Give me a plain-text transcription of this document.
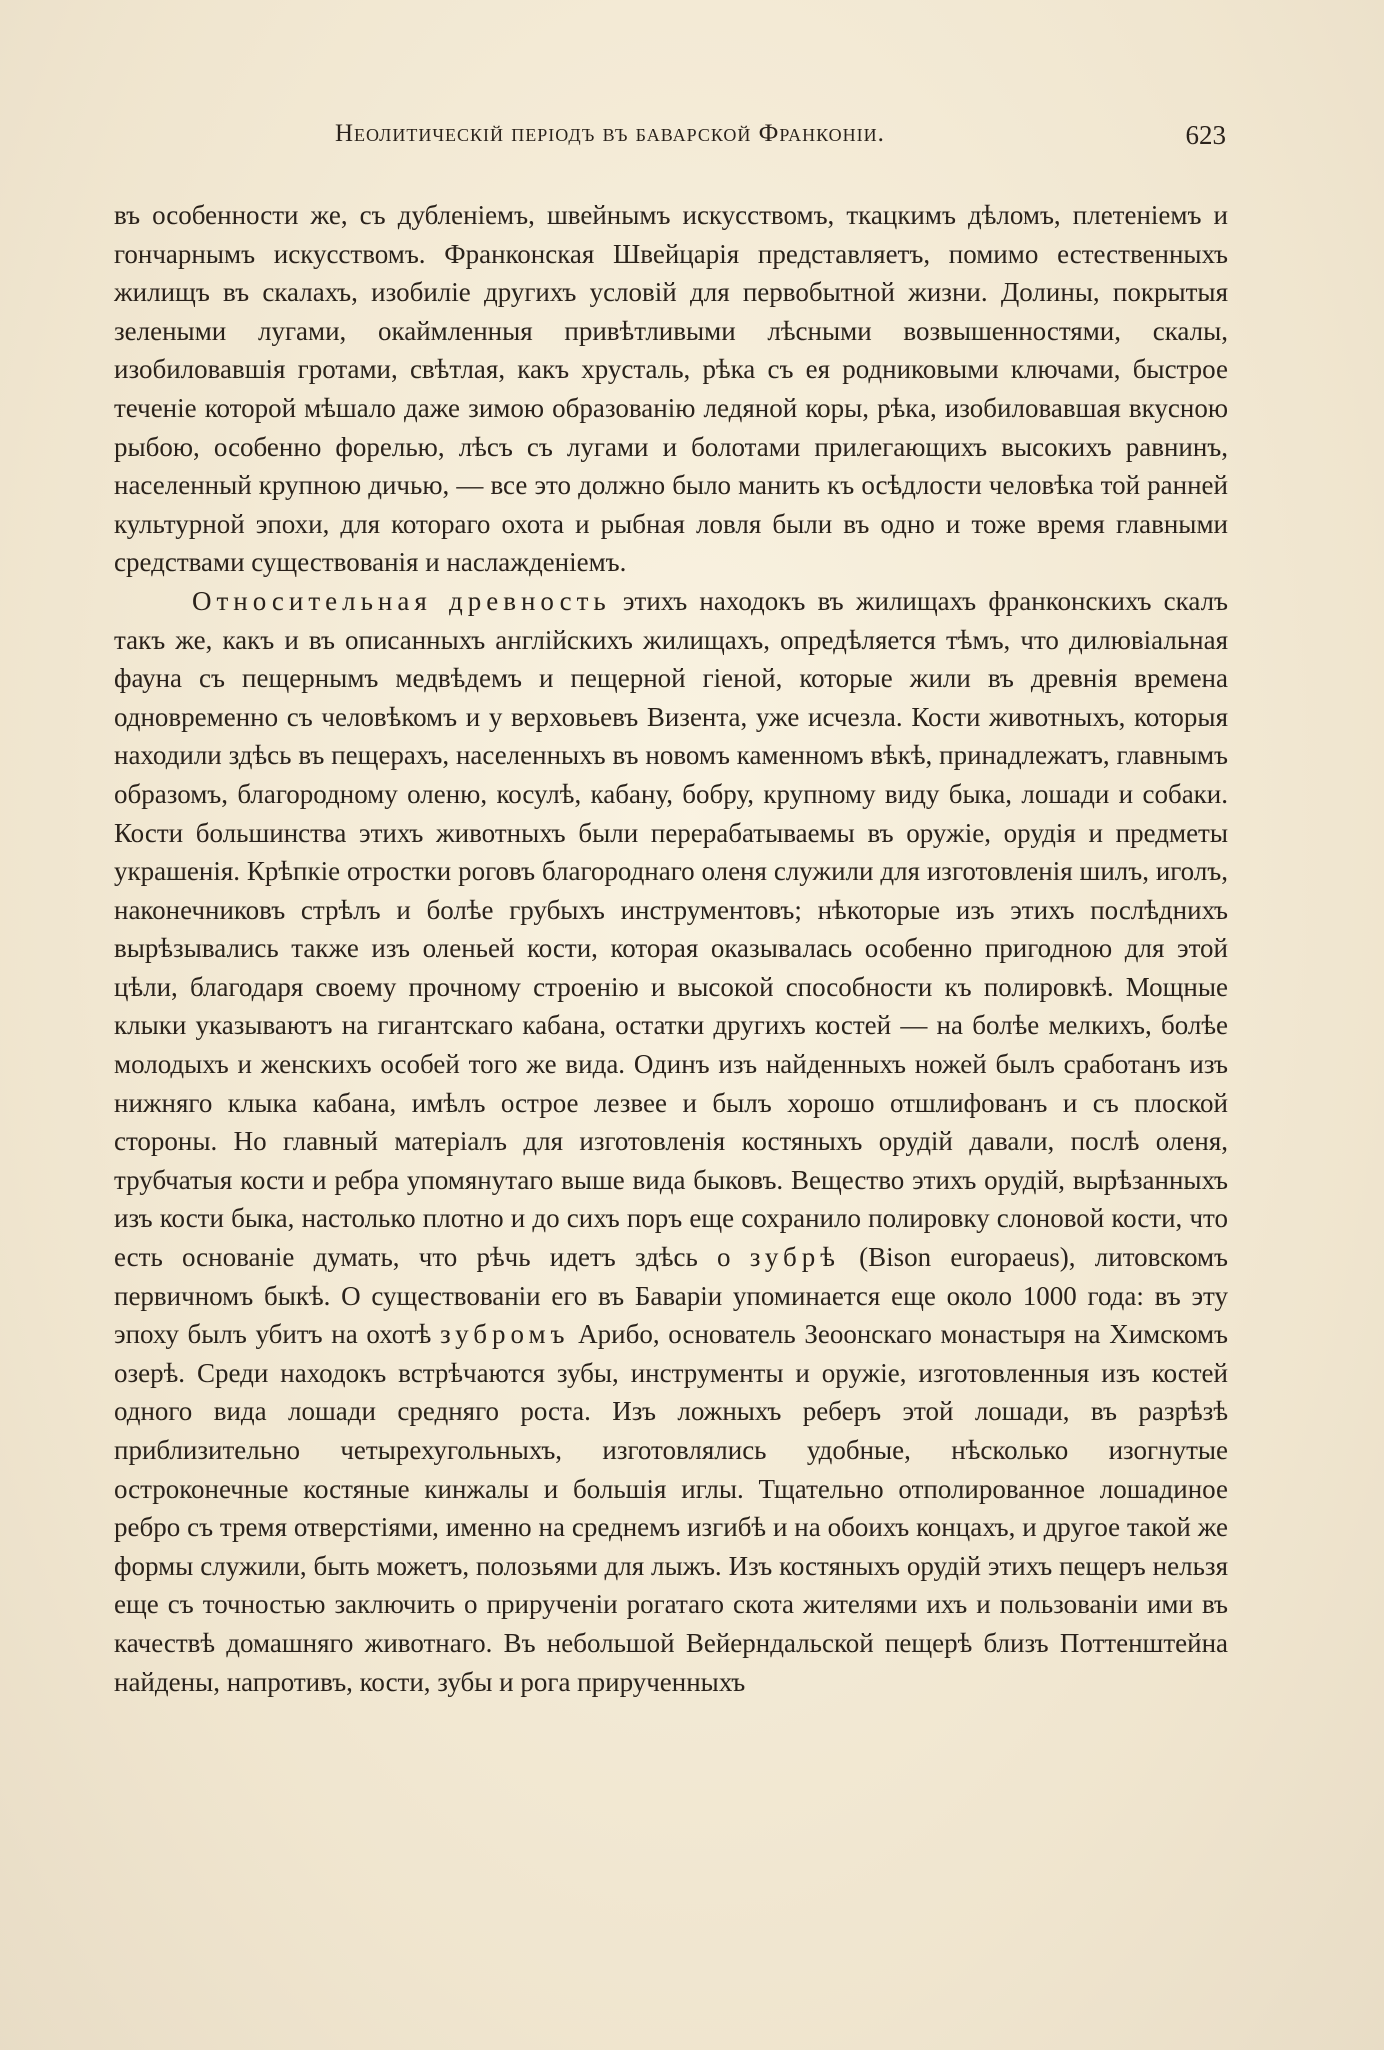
Неолитическій періодъ въ баварской Франконіи.	623

въ особенности же, съ дубленіемъ, швейнымъ искусствомъ, ткацкимъ дѣломъ, плетеніемъ и гончарнымъ искусствомъ. Франконская Швейцарія представляетъ, помимо естественныхъ жилищъ въ скалахъ, изобиліе другихъ условій для первобытной жизни. Долины, покрытыя зелеными лугами, окаймленныя привѣтливыми лѣсными возвышенностями, скалы, изобиловавшія гротами, свѣтлая, какъ хрусталь, рѣка съ ея родниковыми ключами, быстрое теченіе которой мѣшало даже зимою образованію ледяной коры, рѣка, изобиловавшая вкусною рыбою, особенно форелью, лѣсъ съ лугами и болотами прилегающихъ высокихъ равнинъ, населенный крупною дичью, — все это должно было манить къ осѣдлости человѣка той ранней культурной эпохи, для котораго охота и рыбная ловля были въ одно и тоже время главными средствами существованія и наслажденіемъ.

Относительная древность этихъ находокъ въ жилищахъ франконскихъ скалъ такъ же, какъ и въ описанныхъ англійскихъ жилищахъ, опредѣляется тѣмъ, что дилювіальная фауна съ пещернымъ медвѣдемъ и пещерной гіеной, которые жили въ древнія времена одновременно съ человѣкомъ и у верховьевъ Визента, уже исчезла. Кости животныхъ, которыя находили здѣсь въ пещерахъ, населенныхъ въ новомъ каменномъ вѣкѣ, принадлежатъ, главнымъ образомъ, благородному оленю, косулѣ, кабану, бобру, крупному виду быка, лошади и собаки. Кости большинства этихъ животныхъ были перерабатываемы въ оружіе, орудія и предметы украшенія. Крѣпкіе отростки роговъ благороднаго оленя служили для изготовленія шилъ, иголъ, наконечниковъ стрѣлъ и болѣе грубыхъ инструментовъ; нѣкоторые изъ этихъ послѣднихъ вырѣзывались также изъ оленьей кости, которая оказывалась особенно пригодною для этой цѣли, благодаря своему прочному строенію и высокой способности къ полировкѣ. Мощные клыки указываютъ на гигантскаго кабана, остатки другихъ костей — на болѣе мелкихъ, болѣе молодыхъ и женскихъ особей того же вида. Одинъ изъ найденныхъ ножей былъ сработанъ изъ нижняго клыка кабана, имѣлъ острое лезвее и былъ хорошо отшлифованъ и съ плоской стороны. Но главный матеріалъ для изготовленія костяныхъ орудій давали, послѣ оленя, трубчатыя кости и ребра упомянутаго выше вида быковъ. Вещество этихъ орудій, вырѣзанныхъ изъ кости быка, настолько плотно и до сихъ поръ еще сохранило полировку слоновой кости, что есть основаніе думать, что рѣчь идетъ здѣсь о зубрѣ (Bison europaeus), литовскомъ первичномъ быкѣ. О существованіи его въ Баваріи упоминается еще около 1000 года: въ эту эпоху былъ убитъ на охотѣ зубромъ Арибо, основатель Зеоонскаго монастыря на Химскомъ озерѣ. Среди находокъ встрѣчаются зубы, инструменты и оружіе, изготовленныя изъ костей одного вида лошади средняго роста. Изъ ложныхъ реберъ этой лошади, въ разрѣзѣ приблизительно четырехугольныхъ, изготовлялись удобные, нѣсколько изогнутые остроконечные костяные кинжалы и большія иглы. Тщательно отполированное лошадиное ребро съ тремя отверстіями, именно на среднемъ изгибѣ и на обоихъ концахъ, и другое такой же формы служили, быть можетъ, полозьями для лыжъ. Изъ костяныхъ орудій этихъ пещеръ нельзя еще съ точностью заключить о прирученіи рогатаго скота жителями ихъ и пользованіи ими въ качествѣ домашняго животнаго. Въ небольшой Вейерндальской пещерѣ близъ Поттенштейна найдены, напротивъ, кости, зубы и рога прирученныхъ
